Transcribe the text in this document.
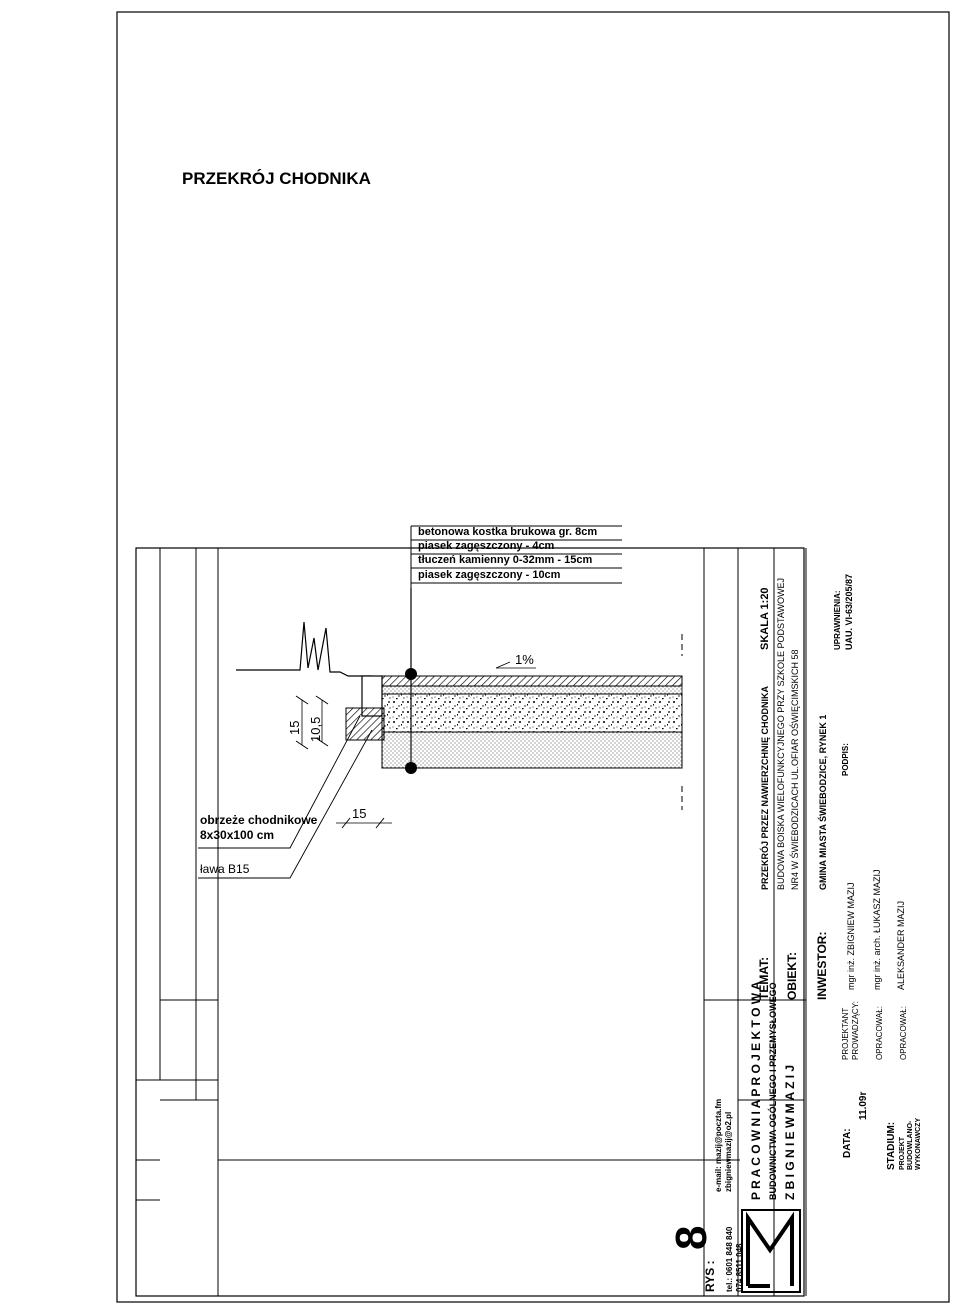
PRZEKRÓJ CHODNIKA
1%
15 10,5
15
betonowa kostka brukowa gr. 8cm
piasek zagęszczony - 4cm
tłuczeń kamienny 0-32mm - 15cm
piasek zagęszczony - 10cm
obrzeże chodnikowe
8x30x100 cm
ława B15
P R A C O W N I A P R O J E K T O W A BUDOWNICTWA OGÓLNEGO I PRZEMYSŁOWEGO Z B I G N I E W M A Z I J
tel.: 0601 848 840 074 8511 048
e-mail: mazij@poczta.fm zbigniewmazij@o2.pl
RYS :
8
TEMAT:
PRZEKRÓJ PRZEZ NAWIERZCHNIĘ CHODNIKA
SKALA 1:20
OBIEKT:
BUDOWA BOISKA WIELOFUNKCYJNEGO PRZY SZKOLE PODSTAWOWEJ NR4 W ŚWIEBODZICACH UL.OFIAR OŚWIĘCIMSKICH 58
INWESTOR:
GMINA MIASTA ŚWIEBODZICE, RYNEK 1
DATA:
11.09r
PROJEKTANT PROWADZĄCY:
mgr inż. ZBIGNIEW MAZIJ
PODPIS:
UPRAWNIENIA: UAU. VI-63/205/87
OPRACOWAŁ:
mgr inż. arch. ŁUKASZ MAZIJ
OPRACOWAŁ:
ALEKSANDER MAZIJ
STADIUM: PROJEKT BUDOWLANO- WYKONAWCZY
